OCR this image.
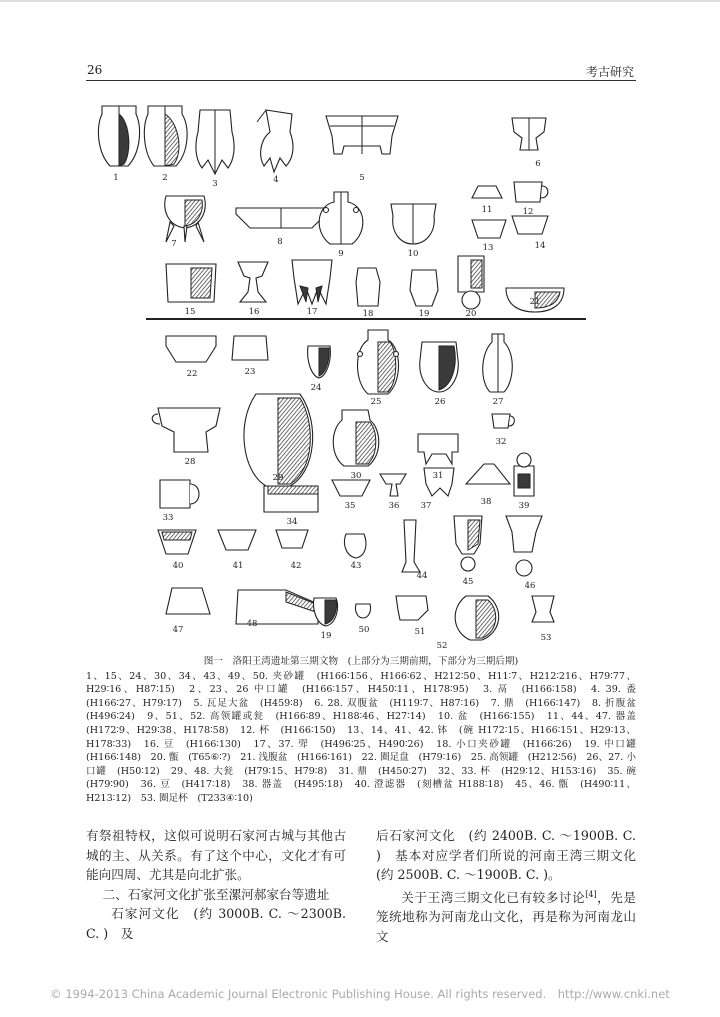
26	考古研究
1	2
3	4	5
6
7	8
9	10
11	12
13	14
15	16	17	18	19	20
21
22	23
24
25	26	27
28
29	30	31
32
33	34
35	36 37	38	39
40	41	42	43
44
45	46
47
48
19
50	51
52
53
图一　洛阳王湾遗址第三期文物　(上部分为三期前期，下部分为三期后期)
1、15、24、30、34、43、49、50. 夹砂罐　(H166∶156、H166∶62、H212∶50、H11∶7、H212∶216、H79∶77、H29∶16、H87∶15)　2、23、26 中口罐　(H166∶157、H450∶11、H178∶95)　3. 鬲　(H166∶158)　4. 39. 盉　(H166∶27、H79∶17)　5. 瓦足大盆　(H459∶8)　6. 28. 双腹盆　(H119∶7、H87∶16)　7. 鼎　(H166∶147)　8. 折腹盆　(H496∶24)　9、51、52. 高领罐或瓮　(H166∶89、H188∶46、H27∶14)　10. 盆　(H166∶155)　11、44、47. 器盖　(H172∶9、H29∶38、H178∶58)　12. 杯　(H166∶150)　13、14、41、42. 钵　(碗 H172∶15、H166∶151、H29∶13、H178∶33)　16. 豆　(H166∶130)　17、37. 斝　(H496∶25、H490∶26)　18. 小口夹砂罐　(H166∶26)　19. 中口罐　(H166∶148)　20. 甑　(T65⑥∶?)　21. 浅腹盆　(H166∶161)　22. 圈足盘　(H79∶16)　25. 高领罐　(H212∶56)　26、27. 小口罐　(H50∶12)　29、48. 大瓮　(H79∶15、H79∶8)　31. 鼎　(H450∶27)　32、33. 杯　(H29∶12、H153∶16)　35. 碗　(H79∶90)　36. 豆　(H417∶18)　38. 器盖　(H495∶18)　40. 澄滤器　(刻槽盆 H188∶18)　45、46. 甑　(H490∶11、H213∶12)　53. 圈足杯　(T233④∶10)

有祭祖特权，这似可说明石家河古城与其他古城的主、从关系。有了这个中心，文化才有可能向四周、尤其是向北扩张。

二、石家河文化扩张至漯河郝家台等遗址

石家河文化　(约 3000B. C. ～2300B. C. )　及

后石家河文化　(约 2400B. C. ～1900B. C. )　基本对应学者们所说的河南王湾三期文化　(约 2500B. C. ～1900B. C. )。

关于王湾三期文化已有较多讨论[4]，先是笼统地称为河南龙山文化，再是称为河南龙山文

© 1994-2013 China Academic Journal Electronic Publishing House. All rights reserved.　http://www.cnki.net
